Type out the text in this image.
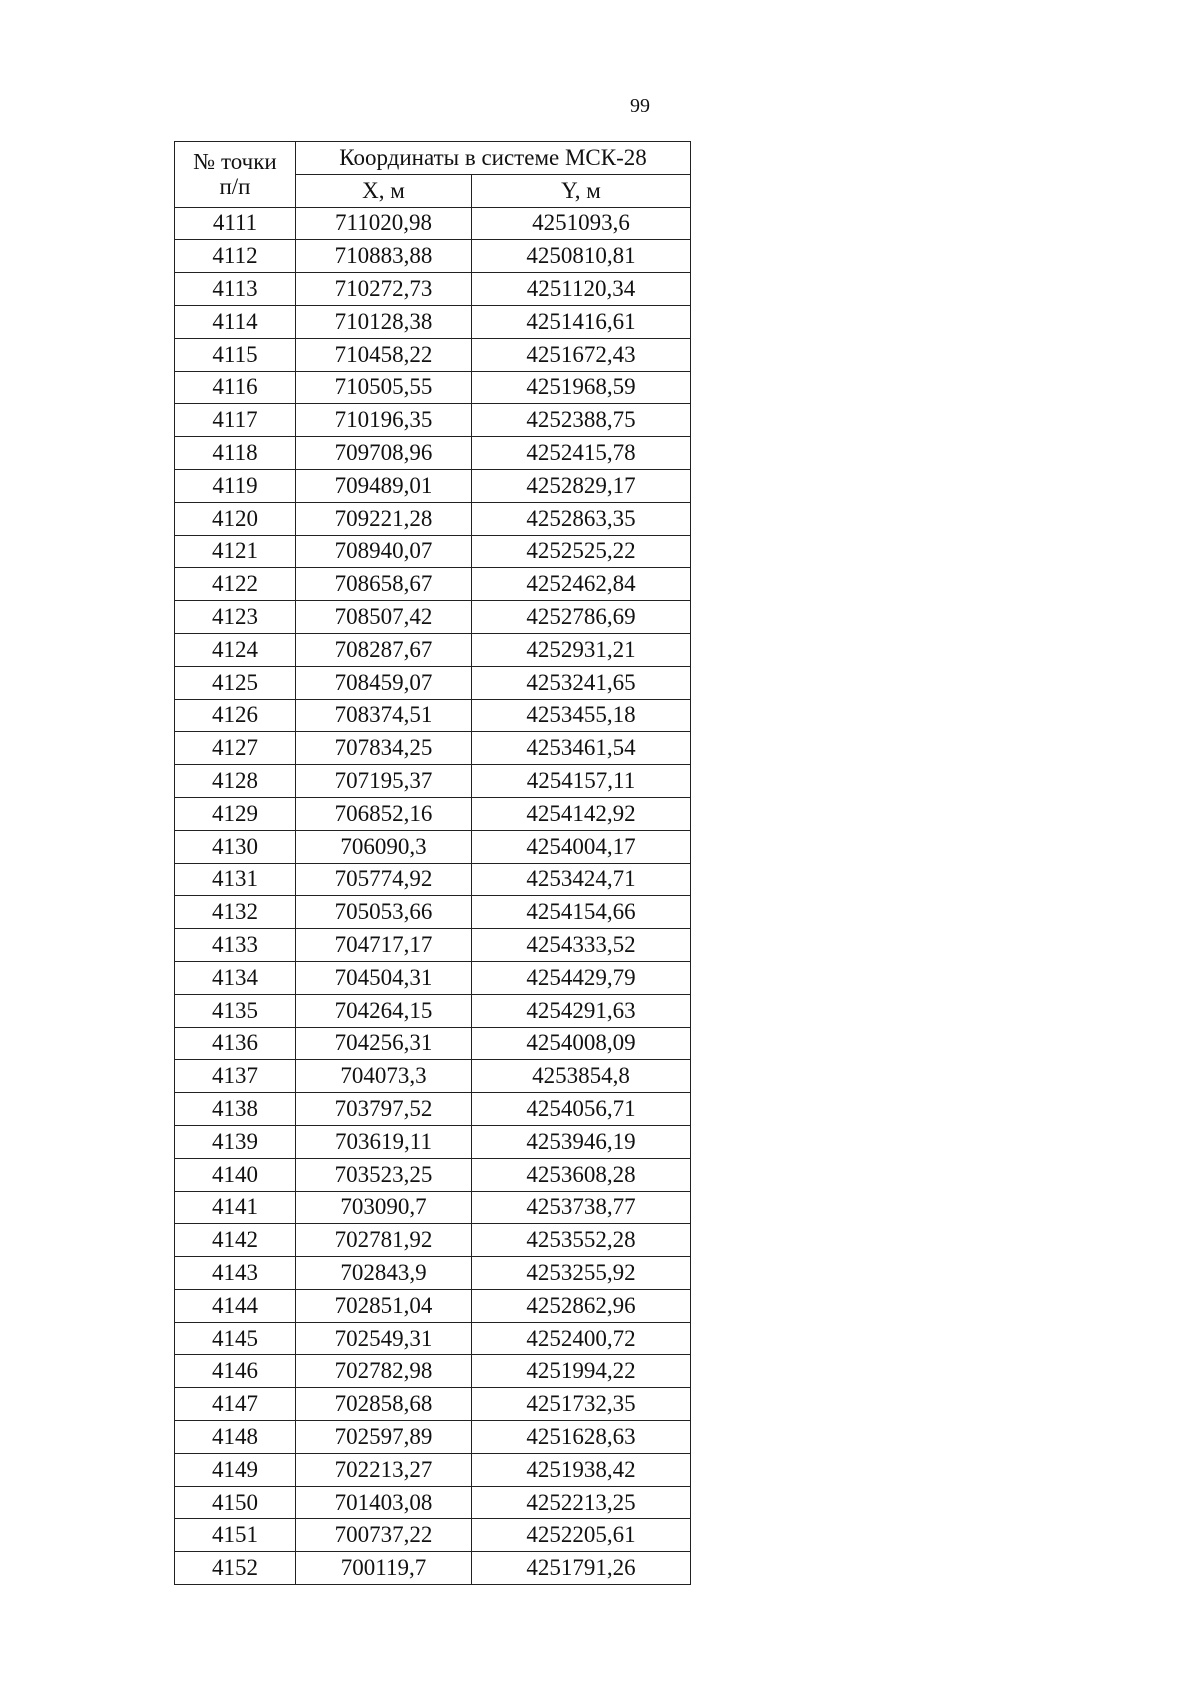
99
№ точки
п/п	Координаты в системе МСК-28	
	X, м	Y, м
4111	711020,98	4251093,6
4112	710883,88	4250810,81
4113	710272,73	4251120,34
4114	710128,38	4251416,61
4115	710458,22	4251672,43
4116	710505,55	4251968,59
4117	710196,35	4252388,75
4118	709708,96	4252415,78
4119	709489,01	4252829,17
4120	709221,28	4252863,35
4121	708940,07	4252525,22
4122	708658,67	4252462,84
4123	708507,42	4252786,69
4124	708287,67	4252931,21
4125	708459,07	4253241,65
4126	708374,51	4253455,18
4127	707834,25	4253461,54
4128	707195,37	4254157,11
4129	706852,16	4254142,92
4130	706090,3	4254004,17
4131	705774,92	4253424,71
4132	705053,66	4254154,66
4133	704717,17	4254333,52
4134	704504,31	4254429,79
4135	704264,15	4254291,63
4136	704256,31	4254008,09
4137	704073,3	4253854,8
4138	703797,52	4254056,71
4139	703619,11	4253946,19
4140	703523,25	4253608,28
4141	703090,7	4253738,77
4142	702781,92	4253552,28
4143	702843,9	4253255,92
4144	702851,04	4252862,96
4145	702549,31	4252400,72
4146	702782,98	4251994,22
4147	702858,68	4251732,35
4148	702597,89	4251628,63
4149	702213,27	4251938,42
4150	701403,08	4252213,25
4151	700737,22	4252205,61
4152	700119,7	4251791,26
